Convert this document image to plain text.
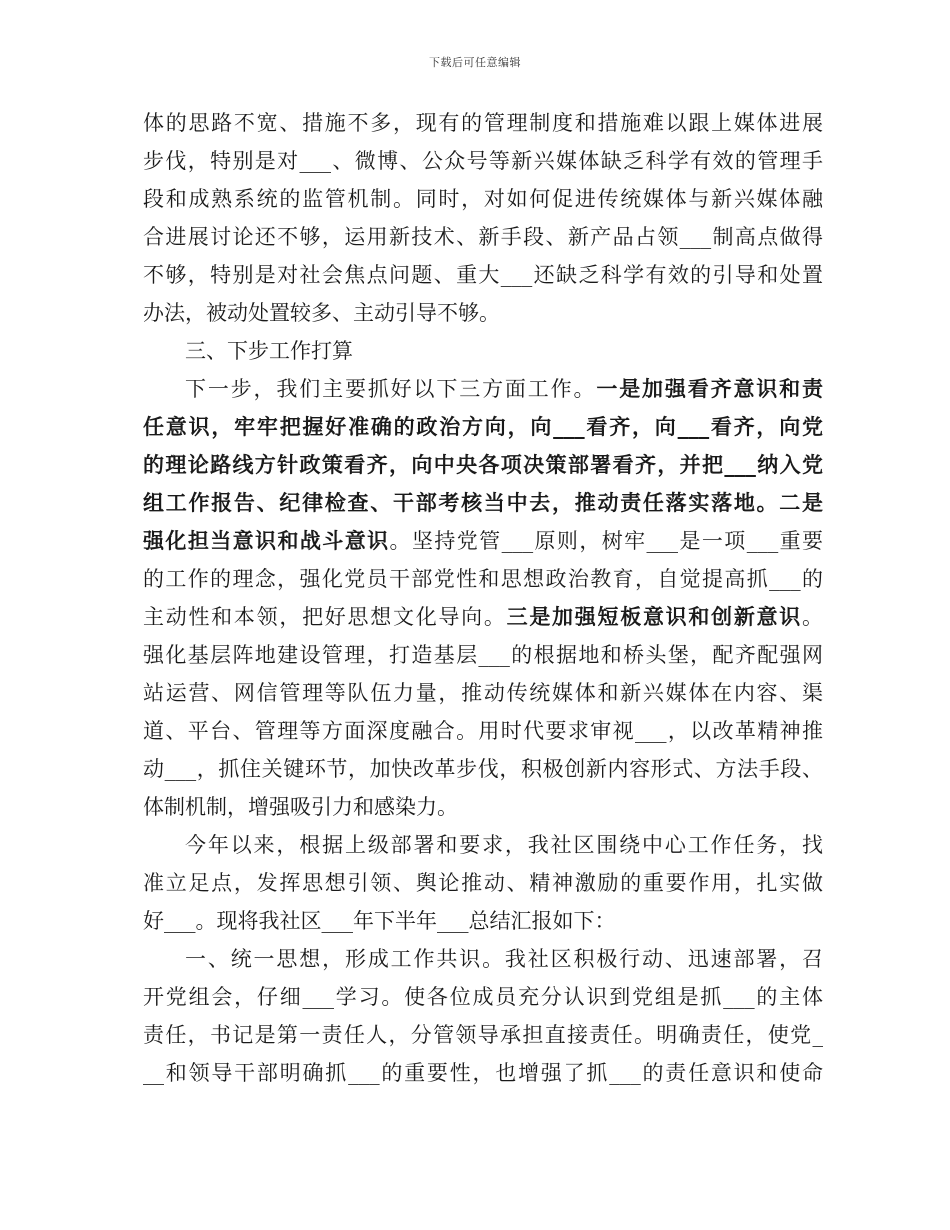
下载后可任意编辑
体的思路不宽、措施不多，现有的管理制度和措施难以跟上媒体进展
步伐，特别是对___、微博、公众号等新兴媒体缺乏科学有效的管理手
段和成熟系统的监管机制。同时，对如何促进传统媒体与新兴媒体融
合进展讨论还不够，运用新技术、新手段、新产品占领___制高点做得
不够，特别是对社会焦点问题、重大___还缺乏科学有效的引导和处置
办法，被动处置较多、主动引导不够。
三、下步工作打算
下一步，我们主要抓好以下三方面工作。一是加强看齐意识和责
任意识，牢牢把握好准确的政治方向，向___看齐，向___看齐，向党
的理论路线方针政策看齐，向中央各项决策部署看齐，并把___纳入党
组工作报告、纪律检查、干部考核当中去，推动责任落实落地。二是
强化担当意识和战斗意识。坚持党管___原则，树牢___是一项___重要
的工作的理念，强化党员干部党性和思想政治教育，自觉提高抓___的
主动性和本领，把好思想文化导向。三是加强短板意识和创新意识。
强化基层阵地建设管理，打造基层___的根据地和桥头堡，配齐配强网
站运营、网信管理等队伍力量，推动传统媒体和新兴媒体在内容、渠
道、平台、管理等方面深度融合。用时代要求审视___，以改革精神推
动___，抓住关键环节，加快改革步伐，积极创新内容形式、方法手段、
体制机制，增强吸引力和感染力。
今年以来，根据上级部署和要求，我社区围绕中心工作任务，找
准立足点，发挥思想引领、舆论推动、精神激励的重要作用，扎实做
好___。现将我社区___年下半年___总结汇报如下：
一、统一思想，形成工作共识。我社区积极行动、迅速部署，召
开党组会，仔细___学习。使各位成员充分认识到党组是抓___的主体
责任，书记是第一责任人，分管领导承担直接责任。明确责任，使党_
__和领导干部明确抓___的重要性，也增强了抓___的责任意识和使命
